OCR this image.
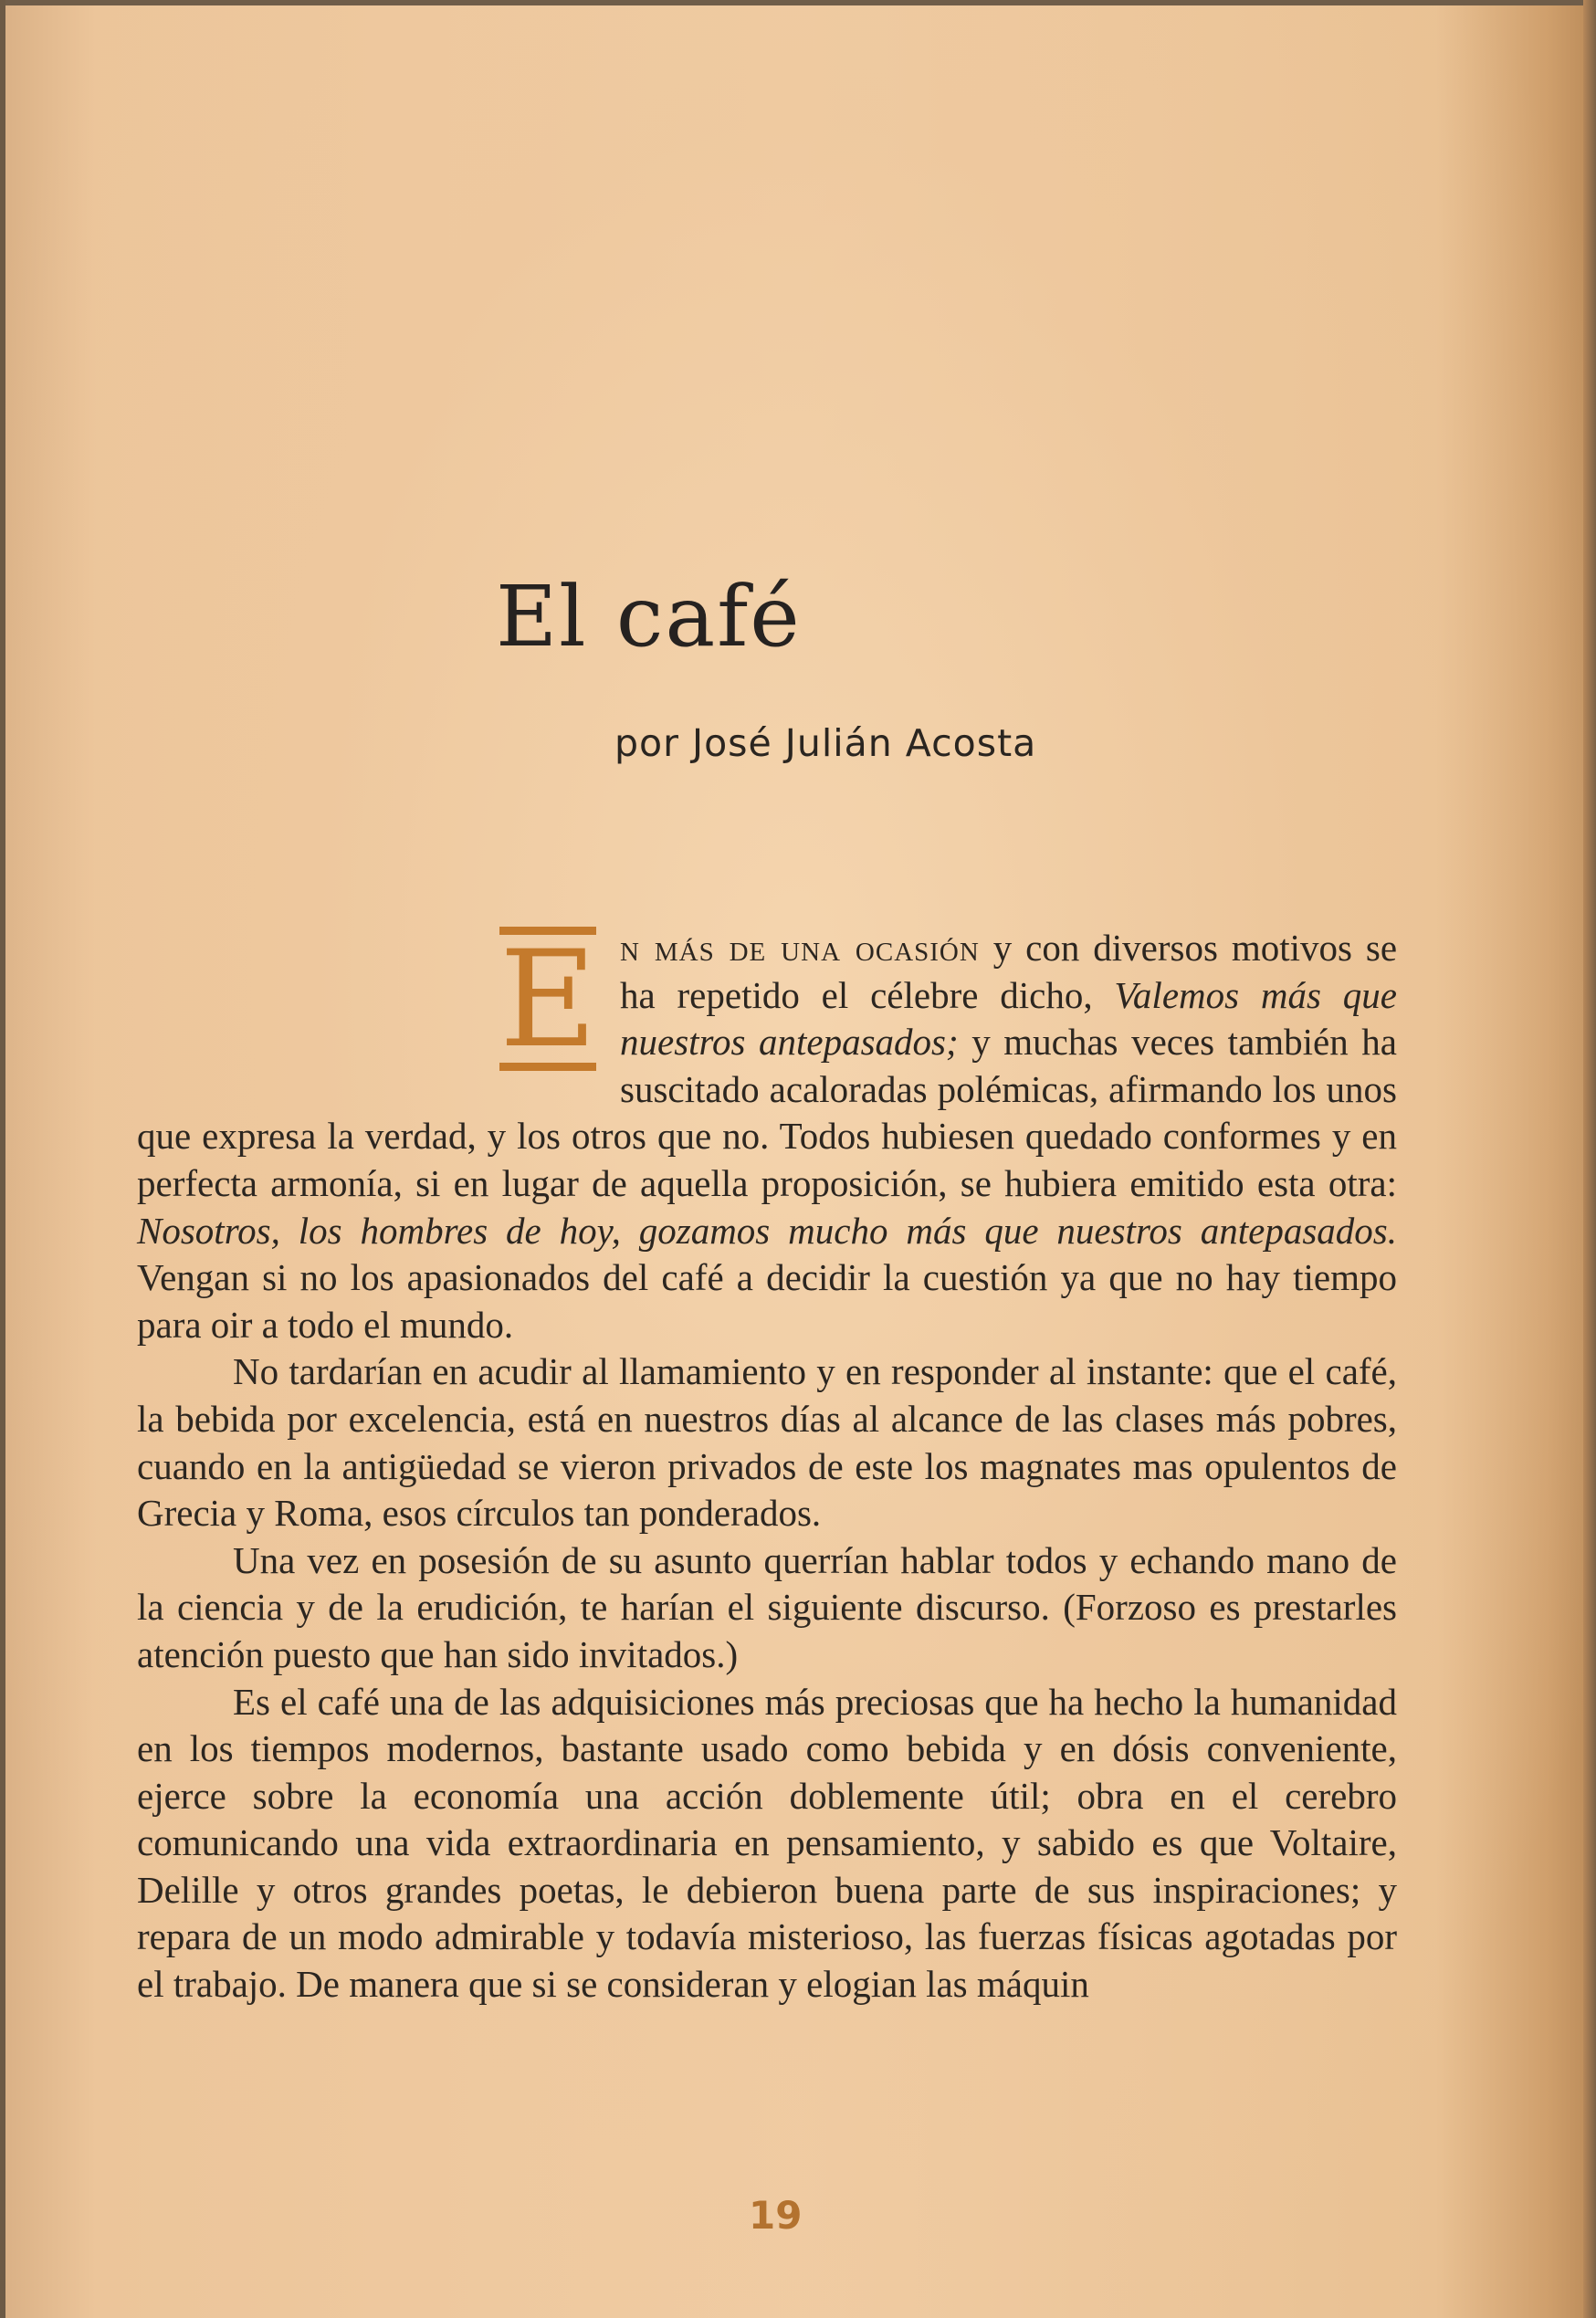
El café
por José Julián Acosta

E n más de una ocasión y con diversos motivos se ha repetido el célebre dicho, Valemos más que nuestros antepasados; y muchas veces también ha suscitado acaloradas polémicas, afirmando los unos que expresa la verdad, y los otros que no. Todos hubiesen quedado conformes y en perfecta armonía, si en lugar de aquella proposición, se hubiera emitido esta otra: Nosotros, los hombres de hoy, gozamos mucho más que nuestros antepasados. Vengan si no los apasionados del café a decidir la cuestión ya que no hay tiempo para oir a todo el mundo.

No tardarían en acudir al llamamiento y en responder al instante: que el café, la bebida por excelencia, está en nuestros días al alcance de las clases más pobres, cuando en la antigüedad se vieron privados de este los magnates mas opulentos de Grecia y Roma, esos círculos tan ponderados.

Una vez en posesión de su asunto querrían hablar todos y echando mano de la ciencia y de la erudición, te harían el siguiente discurso. (Forzoso es prestarles atención puesto que han sido invitados.)

Es el café una de las adquisiciones más preciosas que ha hecho la humanidad en los tiempos modernos, bastante usado como bebida y en dósis conveniente, ejerce sobre la economía una acción doblemente útil; obra en el cerebro comunicando una vida extraordinaria en pensamiento, y sabido es que Voltaire, Delille y otros grandes poetas, le debieron buena parte de sus inspiraciones; y repara de un modo admirable y todavía misterioso, las fuerzas físicas agotadas por el trabajo. De manera que si se consideran y elogian las máquin

19
